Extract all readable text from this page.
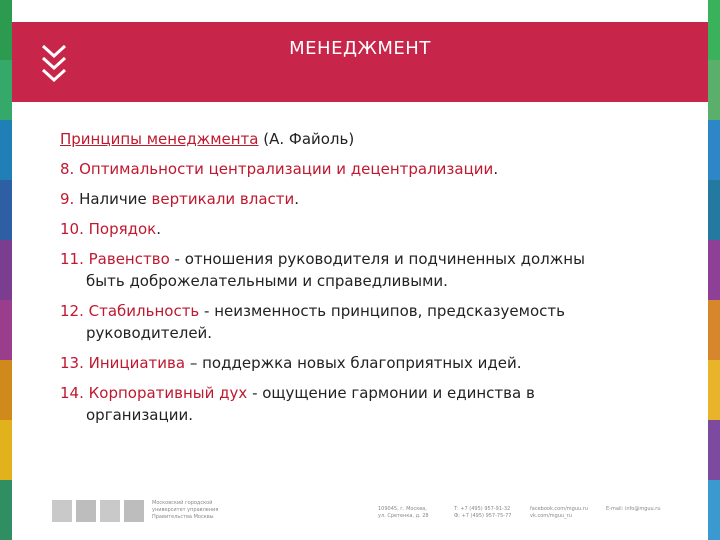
МЕНЕДЖМЕНТ
Принципы менеджмента (А. Файоль)
8. Оптимальности централизации и децентрализации.
9. Наличие вертикали власти.
10. Порядок.
11. Равенство - отношения руководителя и подчиненных должны
быть доброжелательными и справедливыми.
12. Стабильность - неизменность принципов, предсказуемость
руководителей.
13. Инициатива – поддержка новых благоприятных идей.
14. Корпоративный дух - ощущение гармонии и единства в
организации.
Московский городской
университет управления
Правительства Москвы
109045, г. Москва,
ул. Сретенка, д. 28
Т: +7 (495) 957-91-32
Ф: +7 (495) 957-75-77
facebook.com/mguu.ru
vk.com/mguu_ru
E-mail: info@mguu.ru
